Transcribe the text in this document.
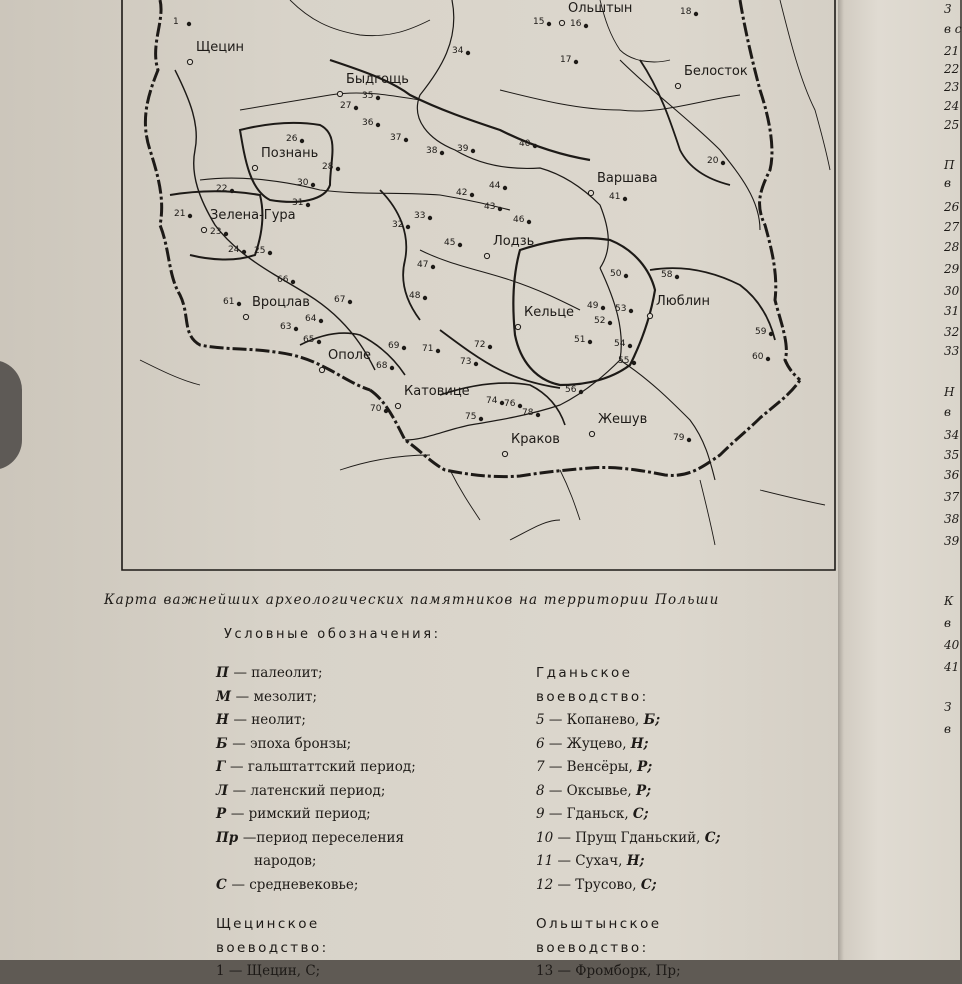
Щецин
Ольштын
Быдгощь
Белосток
Познань
Варшава
Зелена-Гура
Лодзь
Кельце
Люблин
Вроцлав
Ополе
Катовице
Краков
Жешув
1	15	16
17
18
34
35
27
36
37
38 39	40
26
28
20
30
31
22
41
42
44
43
21
23
32
33	46
45
24 25
47
66
50	58
48
67
61	49 53
64
63
52
59
51
65	54
69	71	72
60
55
68	73
56
74 76
70
75	78
79
Карта важнейших археологических памятников на территории Польши
Условные обозначения:
П — палеолит;
М — мезолит;
Н — неолит;
Б — эпоха бронзы;
Г — гальштаттский период;
Л — латенский период;
Р — римский период;
Пр —период переселения
народов;
С — средневековье;
Щецинское
воеводство:
1 — Щецин, С;
Гданьское
воеводство:
5 — Копанево, Б;
6 — Жуцево, Н;
7 — Венсёры, Р;
8 — Оксывье, Р;
9 — Гданьск, С;
10 — Прущ Гданьский, С;
11 — Сухач, Н;
12 — Трусово, С;
Ольштынское
воеводство:
13 — Фромборк, Пр;
3
в с
21
22
23
24
25
П
в
26
27
28
29
30
31
32
33
Н
в
34
35
36
37
38
39
К
в
40
41
З
в
